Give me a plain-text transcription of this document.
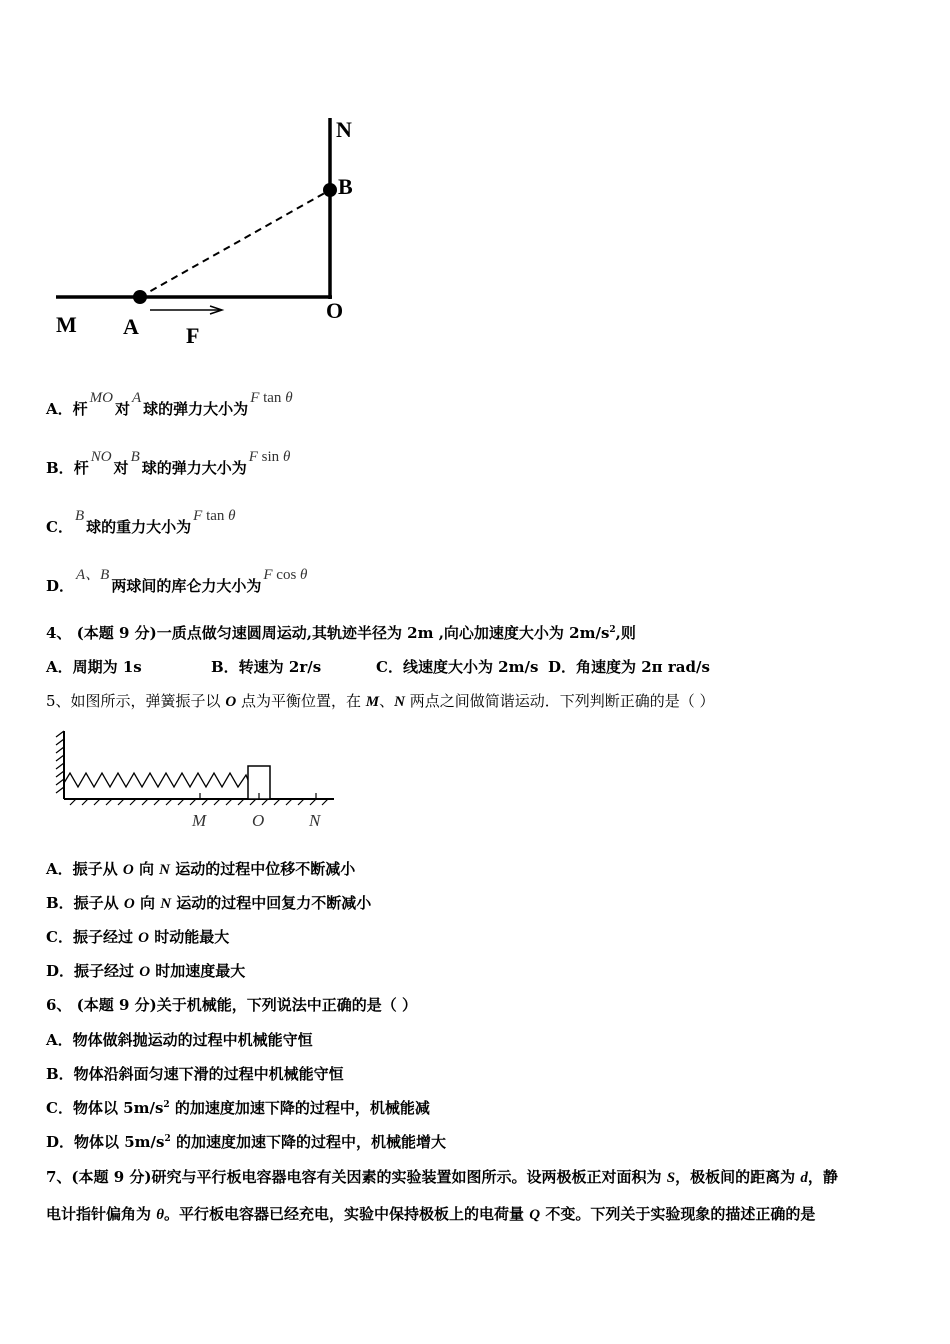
N
B
M A
O
F
A．杆MO对A球的弹力大小为F tan θ
B．杆NO对B球的弹力大小为F sin θ
C．B球的重力大小为F tan θ
D．A、B两球间的库仑力大小为F cos θ
4、 (本题 9 分)一质点做匀速圆周运动,其轨迹半径为 2m ,向心加速度大小为 $2m/s^2$,则
A．周期为 1s	B．转速为 2r/s	C．线速度大小为 2m/s D．角速度为 2π rad/s
5、如图所示，弹簧振子以 O 点为平衡位置，在 M、N 两点之间做简谐运动．下列判断正确的是（ ）
M	O	N
A．振子从 O 向 N 运动的过程中位移不断减小
B．振子从 O 向 N 运动的过程中回复力不断减小
C．振子经过 O 时动能最大
D．振子经过 O 时加速度最大
6、 (本题 9 分)关于机械能，下列说法中正确的是（ ）
A．物体做斜抛运动的过程中机械能守恒
B．物体沿斜面匀速下滑的过程中机械能守恒
C．物体以 $5m/s^2$ 的加速度加速下降的过程中，机械能减
D．物体以 $5m/s^2$ 的加速度加速下降的过程中，机械能增大
7、(本题 9 分)研究与平行板电容器电容有关因素的实验装置如图所示。设两极板正对面积为 S，极板间的距离为 d，静
电计指针偏角为 θ。平行板电容器已经充电，实验中保持极板上的电荷量 Q 不变。下列关于实验现象的描述正确的是
